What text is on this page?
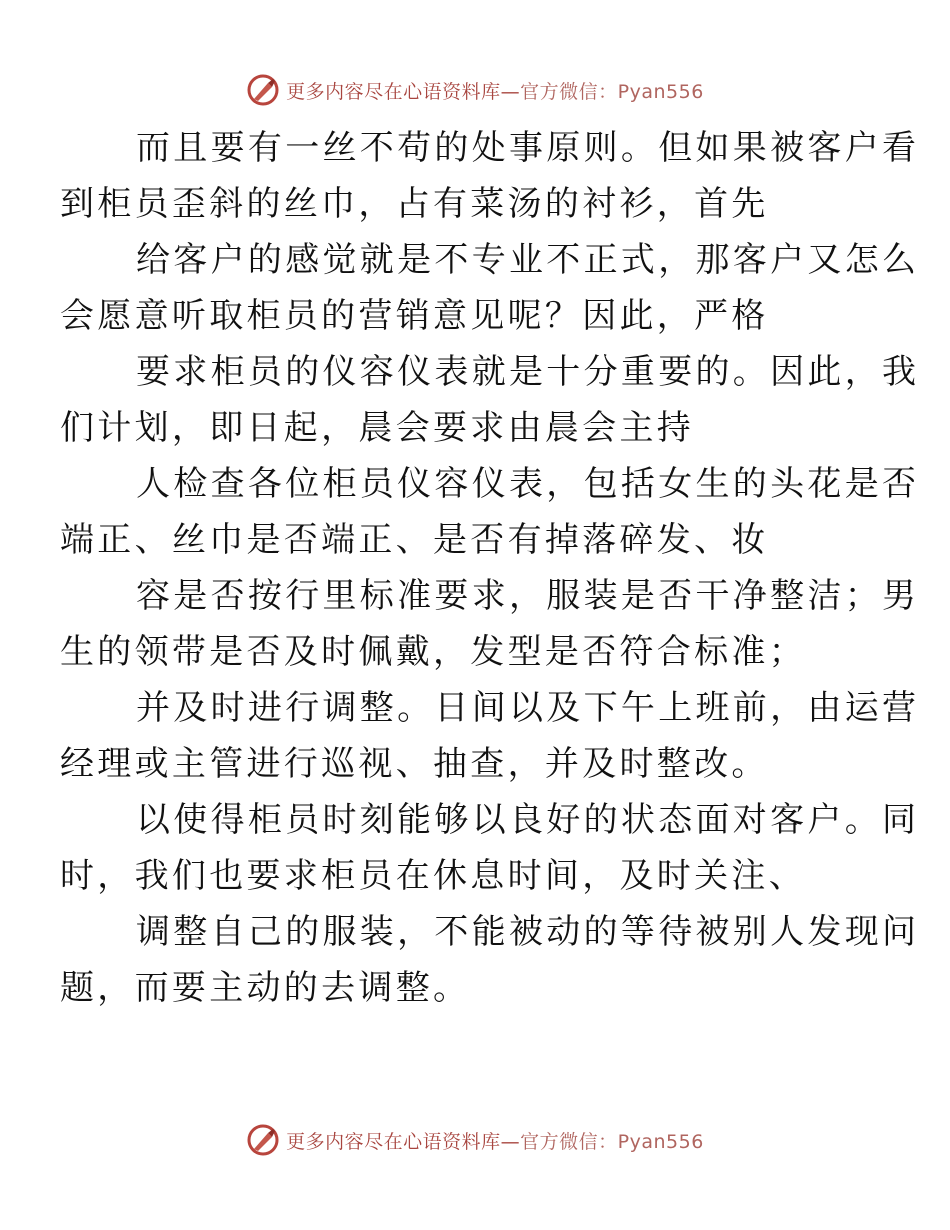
更多内容尽在心语资料库—官方微信：Pyan556

而且要有一丝不苟的处事原则。但如果被客户看
到柜员歪斜的丝巾，占有菜汤的衬衫，首先

给客户的感觉就是不专业不正式，那客户又怎么
会愿意听取柜员的营销意见呢？因此，严格

要求柜员的仪容仪表就是十分重要的。因此，我
们计划，即日起，晨会要求由晨会主持

人检查各位柜员仪容仪表，包括女生的头花是否
端正、丝巾是否端正、是否有掉落碎发、妆

容是否按行里标准要求，服装是否干净整洁；男
生的领带是否及时佩戴，发型是否符合标准；

并及时进行调整。日间以及下午上班前，由运营
经理或主管进行巡视、抽查，并及时整改。

以使得柜员时刻能够以良好的状态面对客户。同
时，我们也要求柜员在休息时间，及时关注、

调整自己的服装，不能被动的等待被别人发现问
题，而要主动的去调整。

更多内容尽在心语资料库—官方微信：Pyan556
